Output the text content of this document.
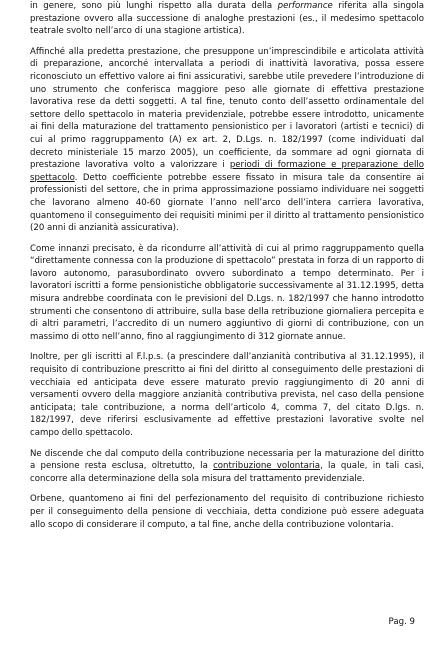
in genere, sono più lunghi rispetto alla durata della performance riferita alla singola prestazione ovvero alla successione di analoghe prestazioni (es., il medesimo spettacolo teatrale svolto nell’arco di una stagione artistica).

Affinché alla predetta prestazione, che presuppone un’imprescindibile e articolata attività di preparazione, ancorché intervallata a periodi di inattività lavorativa, possa essere riconosciuto un effettivo valore ai fini assicurativi, sarebbe utile prevedere l’introduzione di uno strumento che conferisca maggiore peso alle giornate di effettiva prestazione lavorativa rese da detti soggetti. A tal fine, tenuto conto dell’assetto ordinamentale del settore dello spettacolo in materia previdenziale, potrebbe essere introdotto, unicamente ai fini della maturazione del trattamento pensionistico per i lavoratori (artisti e tecnici) di cui al primo raggruppamento (A) ex art. 2, D.Lgs. n. 182/1997 (come individuati dal decreto ministeriale 15 marzo 2005), un coefficiente, da sommare ad ogni giornata di prestazione lavorativa volto a valorizzare i periodi di formazione e preparazione dello spettacolo. Detto coefficiente potrebbe essere fissato in misura tale da consentire ai professionisti del settore, che in prima approssimazione possiamo individuare nei soggetti che lavorano almeno 40-60 giornate l’anno nell’arco dell’intera carriera lavorativa, quantomeno il conseguimento dei requisiti minimi per il diritto al trattamento pensionistico (20 anni di anzianità assicurativa).

Come innanzi precisato, è da ricondurre all’attività di cui al primo raggruppamento quella “direttamente connessa con la produzione di spettacolo” prestata in forza di un rapporto di lavoro autonomo, parasubordinato ovvero subordinato a tempo determinato. Per i lavoratori iscritti a forme pensionistiche obbligatorie successivamente al 31.12.1995, detta misura andrebbe coordinata con le previsioni del D.Lgs. n. 182/1997 che hanno introdotto strumenti che consentono di attribuire, sulla base della retribuzione giornaliera percepita e di altri parametri, l’accredito di un numero aggiuntivo di giorni di contribuzione, con un massimo di otto nell’anno, fino al raggiungimento di 312 giornate annue.

Inoltre, per gli iscritti al F.l.p.s. (a prescindere dall’anzianità contributiva al 31.12.1995), il requisito di contribuzione prescritto ai fini del diritto al conseguimento delle prestazioni di vecchiaia ed anticipata deve essere maturato previo raggiungimento di 20 anni di versamenti ovvero della maggiore anzianità contributiva prevista, nel caso della pensione anticipata; tale contribuzione, a norma dell’articolo 4, comma 7, del citato D.lgs. n. 182/1997, deve riferirsi esclusivamente ad effettive prestazioni lavorative svolte nel campo dello spettacolo.

Ne discende che dal computo della contribuzione necessaria per la maturazione del diritto a pensione resta esclusa, oltretutto, la contribuzione volontaria, la quale, in tali casi, concorre alla determinazione della sola misura del trattamento previdenziale.

Orbene, quantomeno ai fini del perfezionamento del requisito di contribuzione richiesto per il conseguimento della pensione di vecchiaia, detta condizione può essere adeguata allo scopo di considerare il computo, a tal fine, anche della contribuzione volontaria.

Pag. 9
